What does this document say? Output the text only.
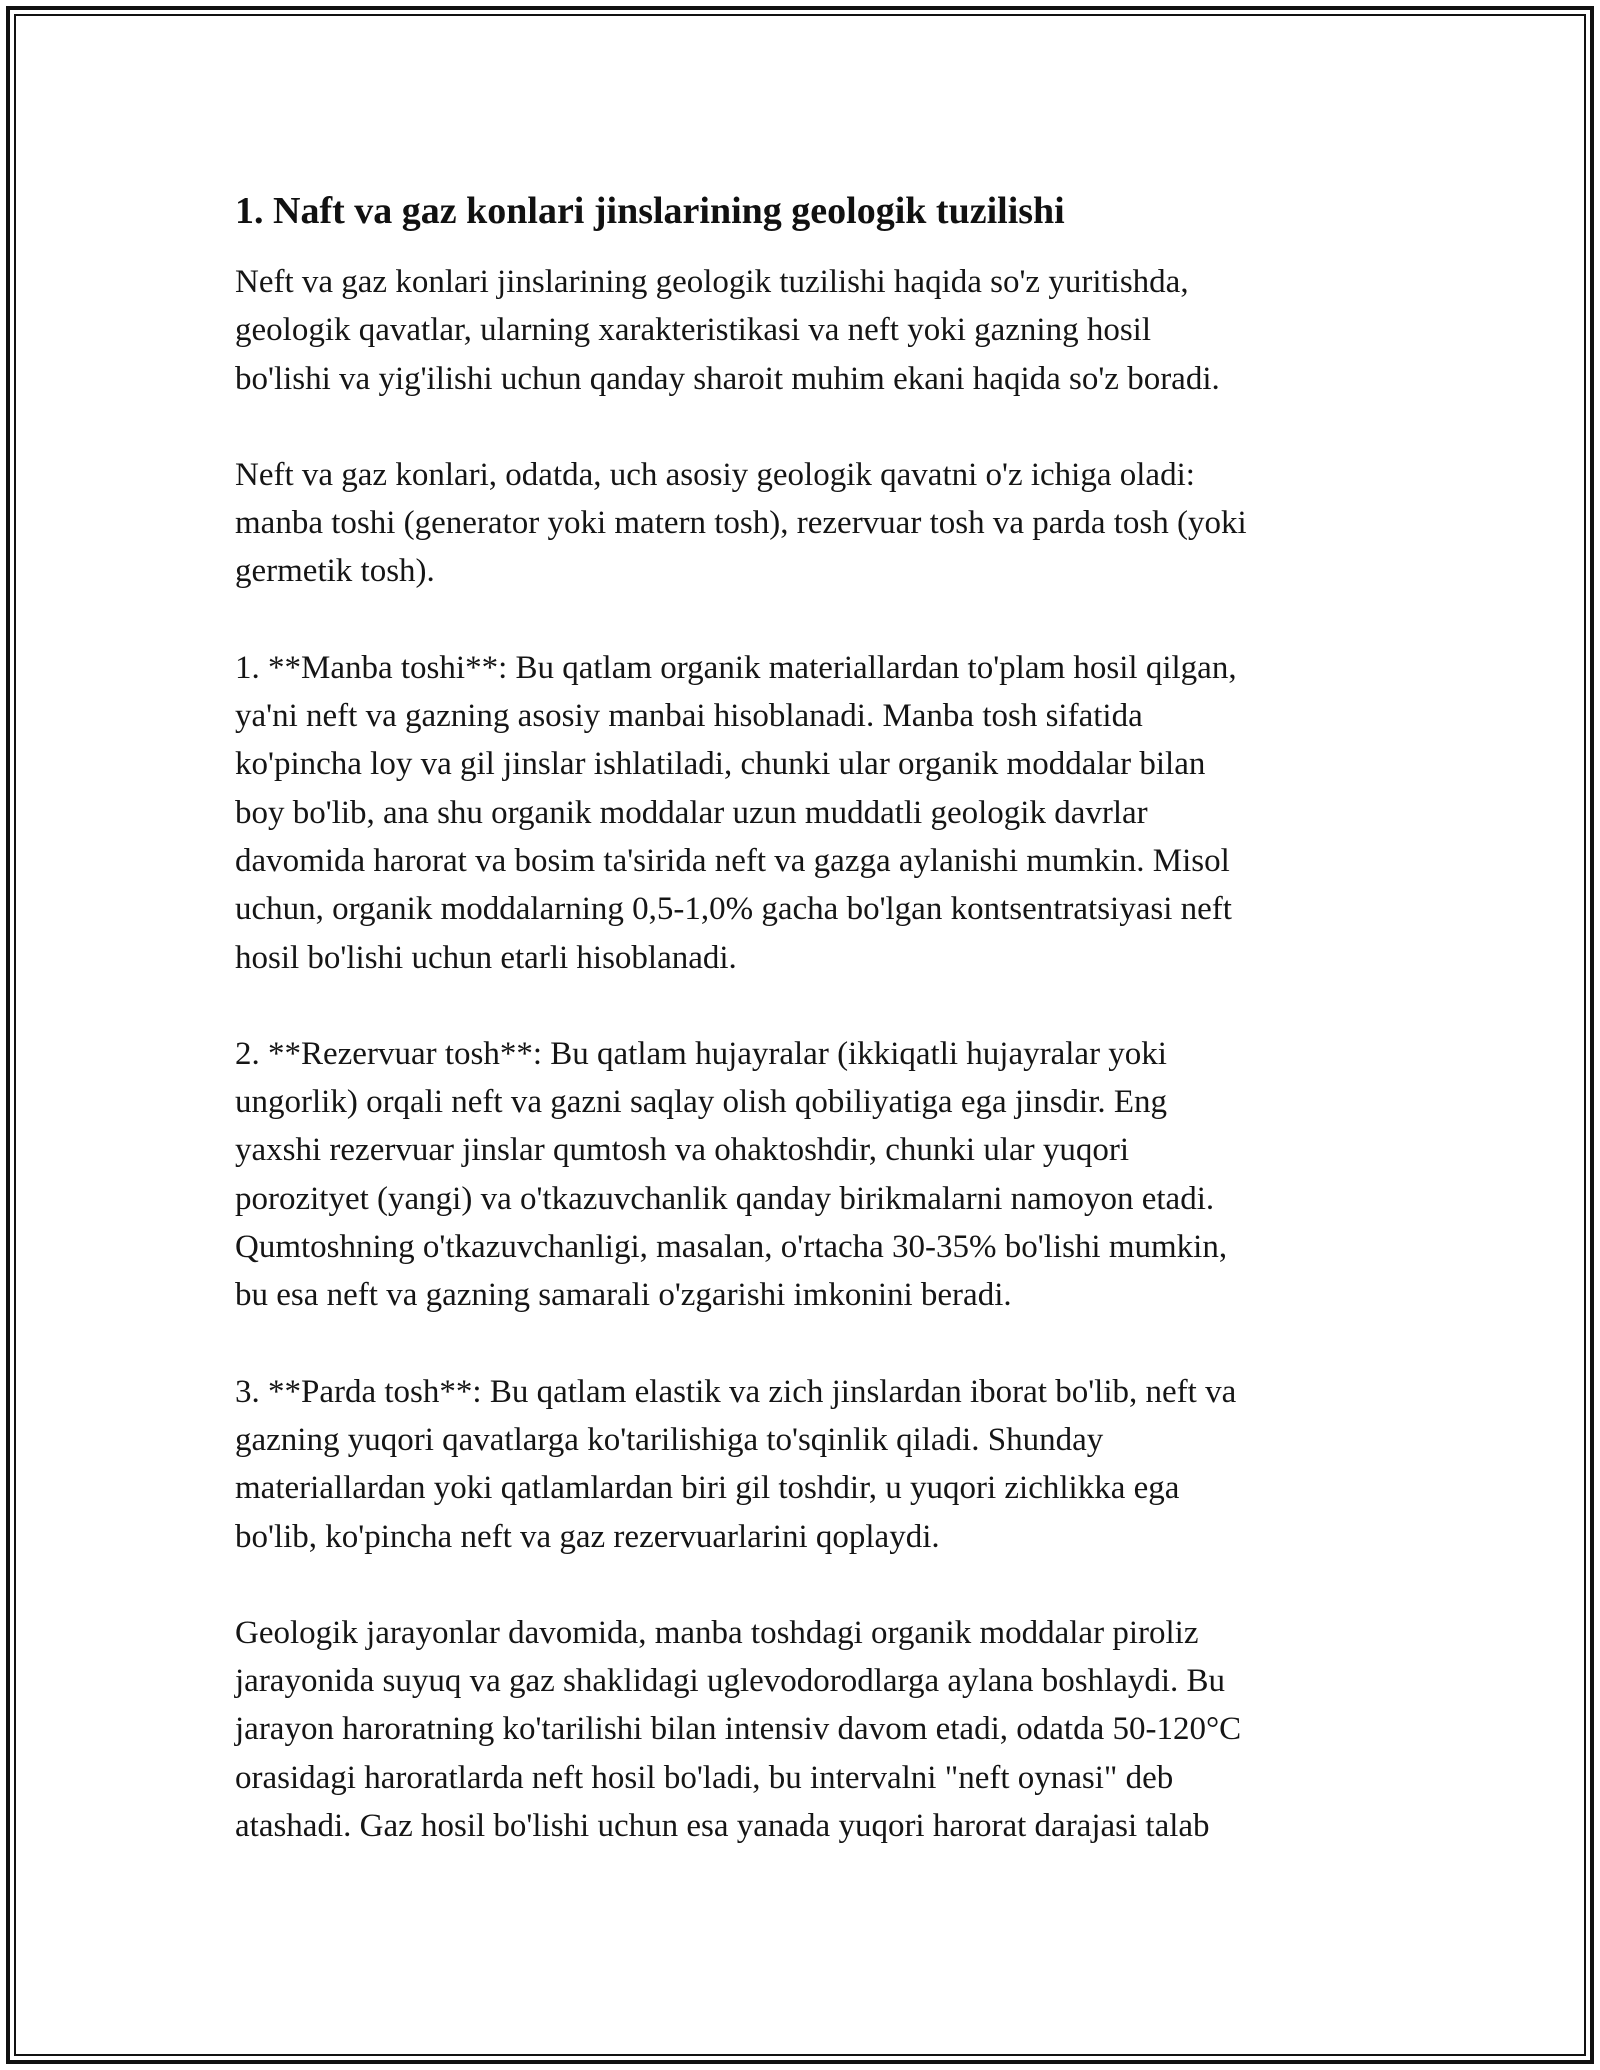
1. Naft va gaz konlari jinslarining geologik tuzilishi

Neft va gaz konlari jinslarining geologik tuzilishi haqida so'z yuritishda,
geologik qavatlar, ularning xarakteristikasi va neft yoki gazning hosil
bo'lishi va yig'ilishi uchun qanday sharoit muhim ekani haqida so'z boradi.

Neft va gaz konlari, odatda, uch asosiy geologik qavatni o'z ichiga oladi:
manba toshi (generator yoki matern tosh), rezervuar tosh va parda tosh (yoki
germetik tosh).

1. **Manba toshi**: Bu qatlam organik materiallardan to'plam hosil qilgan,
ya'ni neft va gazning asosiy manbai hisoblanadi. Manba tosh sifatida
ko'pincha loy va gil jinslar ishlatiladi, chunki ular organik moddalar bilan
boy bo'lib, ana shu organik moddalar uzun muddatli geologik davrlar
davomida harorat va bosim ta'sirida neft va gazga aylanishi mumkin. Misol
uchun, organik moddalarning 0,5-1,0% gacha bo'lgan kontsentratsiyasi neft
hosil bo'lishi uchun etarli hisoblanadi.

2. **Rezervuar tosh**: Bu qatlam hujayralar (ikkiqatli hujayralar yoki
ungorlik) orqali neft va gazni saqlay olish qobiliyatiga ega jinsdir. Eng
yaxshi rezervuar jinslar qumtosh va ohaktoshdir, chunki ular yuqori
porozityet (yangi) va o'tkazuvchanlik qanday birikmalarni namoyon etadi.
Qumtoshning o'tkazuvchanligi, masalan, o'rtacha 30-35% bo'lishi mumkin,
bu esa neft va gazning samarali o'zgarishi imkonini beradi.

3. **Parda tosh**: Bu qatlam elastik va zich jinslardan iborat bo'lib, neft va
gazning yuqori qavatlarga ko'tarilishiga to'sqinlik qiladi. Shunday
materiallardan yoki qatlamlardan biri gil toshdir, u yuqori zichlikka ega
bo'lib, ko'pincha neft va gaz rezervuarlarini qoplaydi.

Geologik jarayonlar davomida, manba toshdagi organik moddalar piroliz
jarayonida suyuq va gaz shaklidagi uglevodorodlarga aylana boshlaydi. Bu
jarayon haroratning ko'tarilishi bilan intensiv davom etadi, odatda 50-120°C
orasidagi haroratlarda neft hosil bo'ladi, bu intervalni "neft oynasi" deb
atashadi. Gaz hosil bo'lishi uchun esa yanada yuqori harorat darajasi talab
